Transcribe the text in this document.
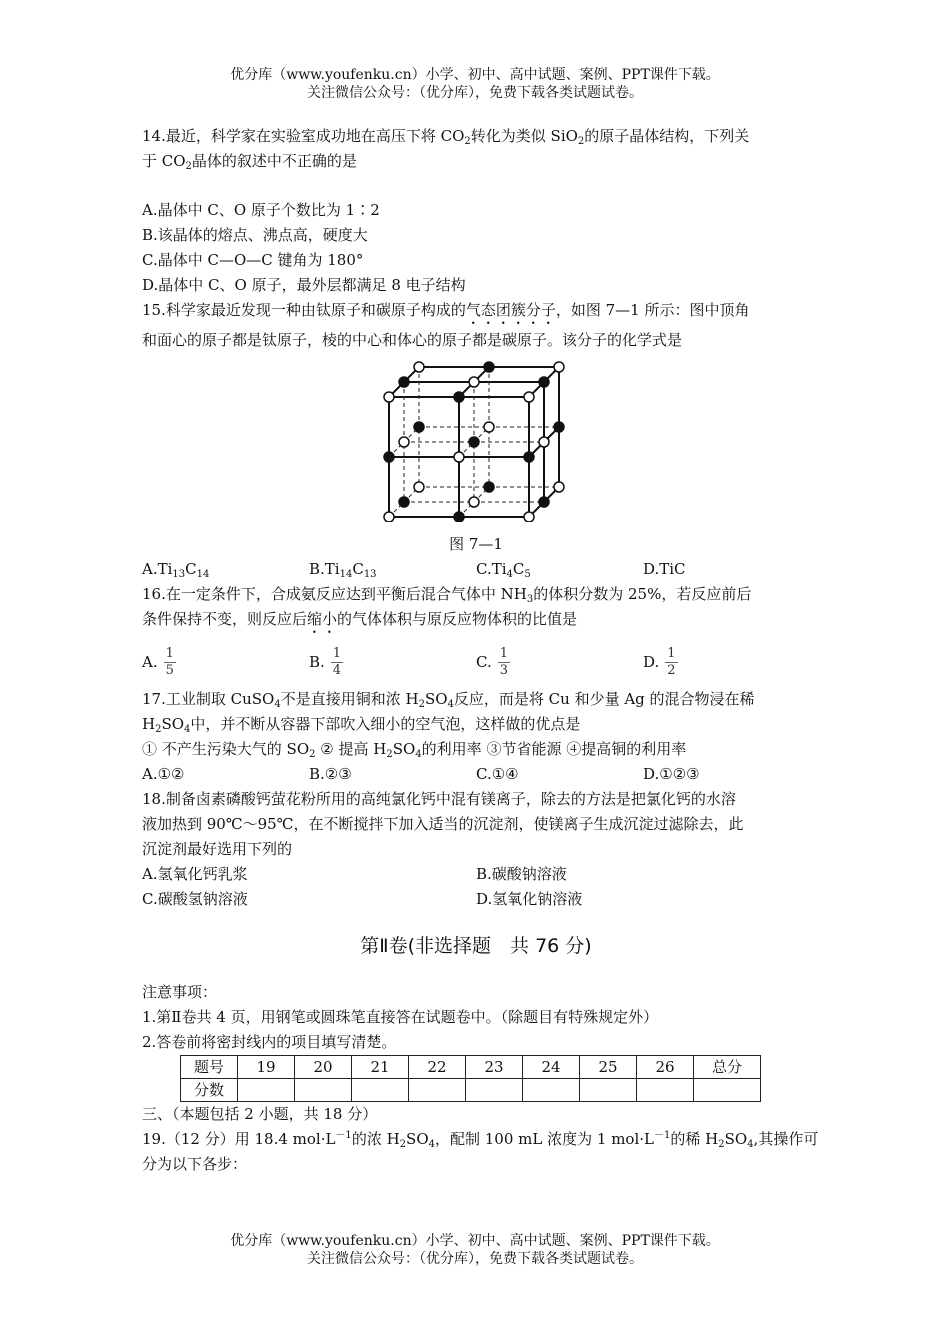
优分库（www.youfenku.cn）小学、初中、高中试题、案例、PPT课件下载。
关注微信公众号：（优分库），免费下载各类试题试卷。
14.最近，科学家在实验室成功地在高压下将 $CO_2$转化为类似 SiO$_2$的原子晶体结构，下列关
于 $CO_2$晶体的叙述中不正确的是
A.晶体中 C、O 原子个数比为 1∶2
B.该晶体的熔点、沸点高，硬度大
C.晶体中 C—O—C 键角为 180°
D.晶体中 C、O 原子，最外层都满足 8 电子结构
15.科学家最近发现一种由钛原子和碳原子构成的气态团簇分子，如图 7—1 所示：图中顶角
和面心的原子都是钛原子，棱的中心和体心的原子都是碳原子。该分子的化学式是
图 7—1
$A.Ti_{13}C_{14}$	$B.Ti_{14}C_{13}$	$C.Ti_4C_5$	D.TiC
16.在一定条件下，合成氨反应达到平衡后混合气体中 $NH_3$的体积分数为 25%，若反应前后
条件保持不变，则反应后缩小的气体体积与原反应物体积的比值是
A. $\frac{1}{5}$	B. $\frac{1}{4}$	C. $\frac{1}{3}$	D. $\frac{1}{2}$
17.工业制取 CuSO$_4$不是直接用铜和浓 $H_2SO_4$反应，而是将 Cu 和少量 Ag 的混合物浸在稀
$H_2SO_4$中，并不断从容器下部吹入细小的空气泡，这样做的优点是
① 不产生污染大气的 $SO_2$ ② 提高 $H_2SO_4$的利用率 ③节省能源 ④提高铜的利用率
A.①②	B.②③	C.①④	D.①②③
18.制备卤素磷酸钙萤花粉所用的高纯氯化钙中混有镁离子，除去的方法是把氯化钙的水溶
液加热到 90℃～95℃，在不断搅拌下加入适当的沉淀剂，使镁离子生成沉淀过滤除去，此
沉淀剂最好选用下列的
A.氢氧化钙乳浆	B.碳酸钠溶液
C.碳酸氢钠溶液	D.氢氧化钠溶液
第Ⅱ卷(非选择题　共 76 分)
注意事项：
1.第Ⅱ卷共 4 页，用钢笔或圆珠笔直接答在试题卷中。（除题目有特殊规定外）
2.答卷前将密封线内的项目填写清楚。
题号	19	20	21	22	23	24	25	26	总分
分数									
三、（本题包括 2 小题，共 18 分）
19.（12 分）用 18.4 $mol\cdot L^{-1}$的浓 $H_2SO_4$，配制 100 mL 浓度为 1 $mol\cdot L^{-1}$的稀 $H_2SO_4$,其操作可
分为以下各步：
优分库（www.youfenku.cn）小学、初中、高中试题、案例、PPT课件下载。
关注微信公众号：（优分库），免费下载各类试题试卷。
